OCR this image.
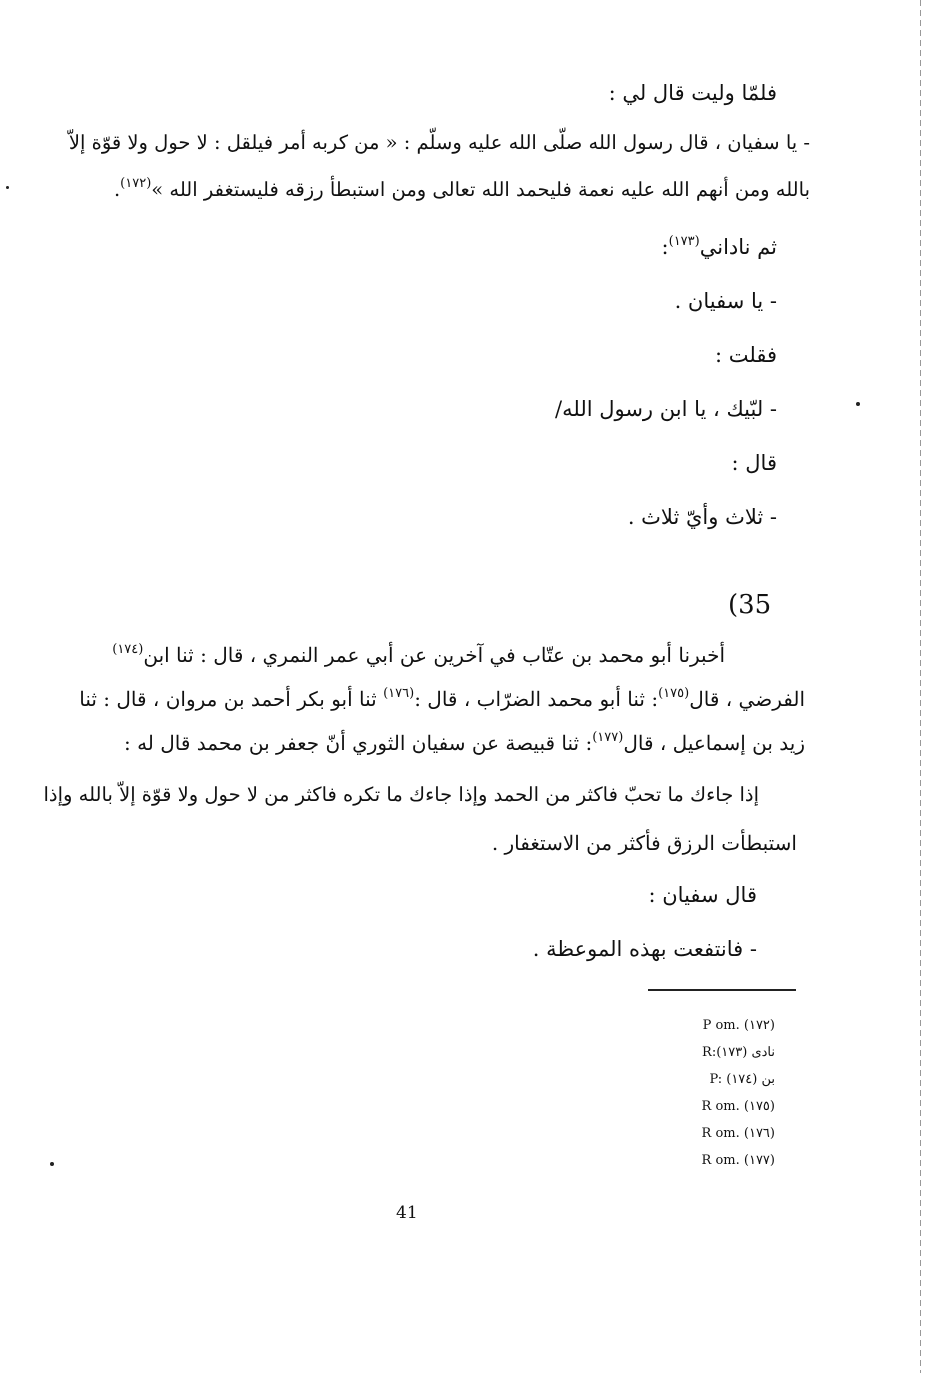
فلمّا وليت قال لي :
- يا سفيان ، قال رسول الله صلّى الله عليه وسلّم : « من كربه أمر فيلقل : لا حول ولا قوّة إلاّ
بالله ومن أنهم الله عليه نعمة فليحمد الله تعالى ومن استبطأ رزقه فليستغفر الله »$^{(١٧٢)}$.
ثم ناداني$^{(١٧٣)}$:
- يا سفيان .
فقلت :
- لبّيك ، يا ابن رسول الله/
قال :
- ثلاث وأيّ ثلاث .
(35
أخبرنا أبو محمد بن عتّاب في آخرين عن أبي عمر النمري ، قال : ثنا ابن$^{(١٧٤)}$
الفرضي ، قال$^{(١٧٥)}$: ثنا أبو محمد الضرّاب ، قال :$^{(١٧٦)}$ ثنا أبو بكر أحمد بن مروان ، قال : ثنا
زيد بن إسماعيل ، قال$^{(١٧٧)}$: ثنا قبيصة عن سفيان الثوري أنّ جعفر بن محمد قال له :
إذا جاءك ما تحبّ فاكثر من الحمد وإذا جاءك ما تكره فاكثر من لا حول ولا قوّة إلاّ بالله وإذا
استبطأت الرزق فأكثر من الاستغفار .
قال سفيان :
- فانتفعت بهذه الموعظة .
P om. (١٧٢)
R:نادى (١٧٣)
P: بن (١٧٤)
R om. (١٧٥)
R om. (١٧٦)
R om. (١٧٧)
41
